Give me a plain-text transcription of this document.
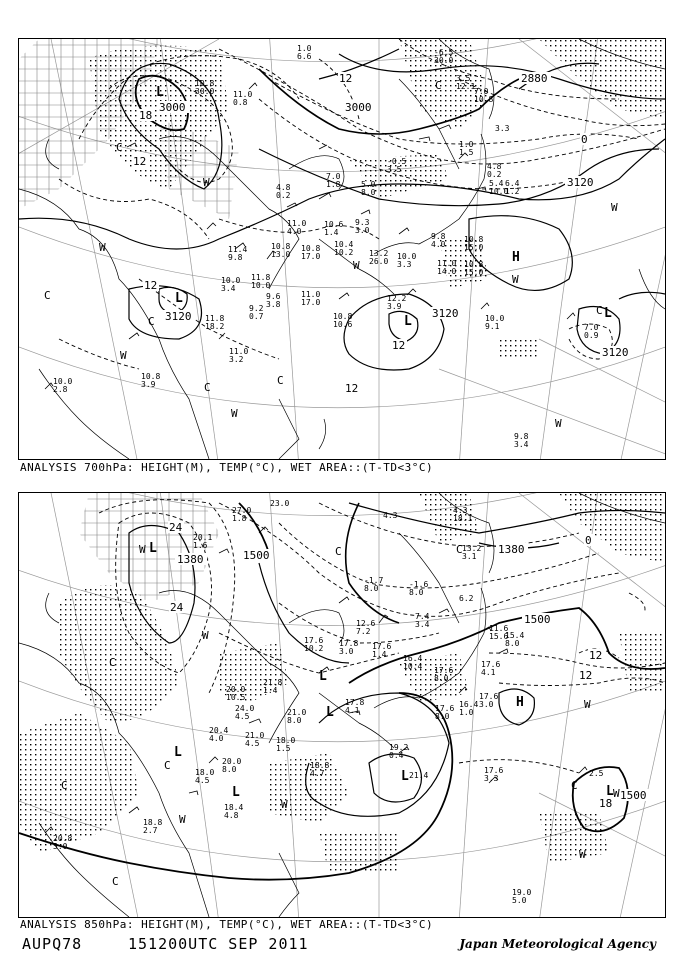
3000	3000
2880
3120
3120	3120
3120
18
12
12
12
12
12
0
C
W
W
C
C
W
C
W
C
W
W
C
W
W
C
L
L
L
L
H
10.8
30.0 11.0
0.8
1.0
6.6	-6.5
30.0
3.5
12.1
7.0
10.8
3.3
-0.5
3.5
1.0
1.5
4.8
0.2
5.4
10.0
6.4
1.2
5.0
8.0
7.0
1.8
4.8
0.2
11.0
4.0
10.6
1.4
9.3
3.0
11.4
9.8
10.8
13.0
10.8
17.0
10.4
10.2 13.2
26.0
10.0
3.3
9.8
4.0
11.0
14.0
10.8
15.0
10.8
15.0
10.0
3.4
11.8
10.0
9.6
3.8
11.0
17.0
10.8
10.6
12.2
3.9
11.8
18.2
9.2
0.7
11.0
3.2
10.8
3.9
10.0
2.8
10.0
9.1	7.0
0.9
9.8
3.4
ANALYSIS 700hPa: HEIGHT(M), TEMP(°C), WET AREA::(T-TD<3°C)
1380	1500	1380
1500
1500
24
24
12
12
18
0
W
W
C
C
C
C
W
W
C
W
W
C
W
C
L
L
L
L
L
L
L
H
20.1
1.6
27.0
1.8
23.0
4.3
4.3
18.1
13.2
3.1
-1.7
8.0	-1.6
8.0
7.4
3.4
6.2
11.6
15.6
15.4
8.0
17.6
4.1
12.6
7.2
17.6
10.2
17.8
3.0
17.6
1.4 16.4
10.4 17.6
8.0
17.6
3.0
16.4
1.0
17.8
4.1	17.6
8.0
21.8
1.4
20.0
10.5
24.0
4.5	21.0
8.0
21.0
4.5 18.0
1.5
20.4
4.0
20.0
8.0
18.0
4.5
18.4
4.8
18.8
4.7
19.2
0.4
21.4
17.6
3.3
18.8
2.7
20.8
5.0
19.0
5.0
2.5
ANALYSIS 850hPa: HEIGHT(M), TEMP(°C), WET AREA::(T-TD<3°C)
AUPQ78	151200UTC SEP 2011	Japan Meteorological Agency
